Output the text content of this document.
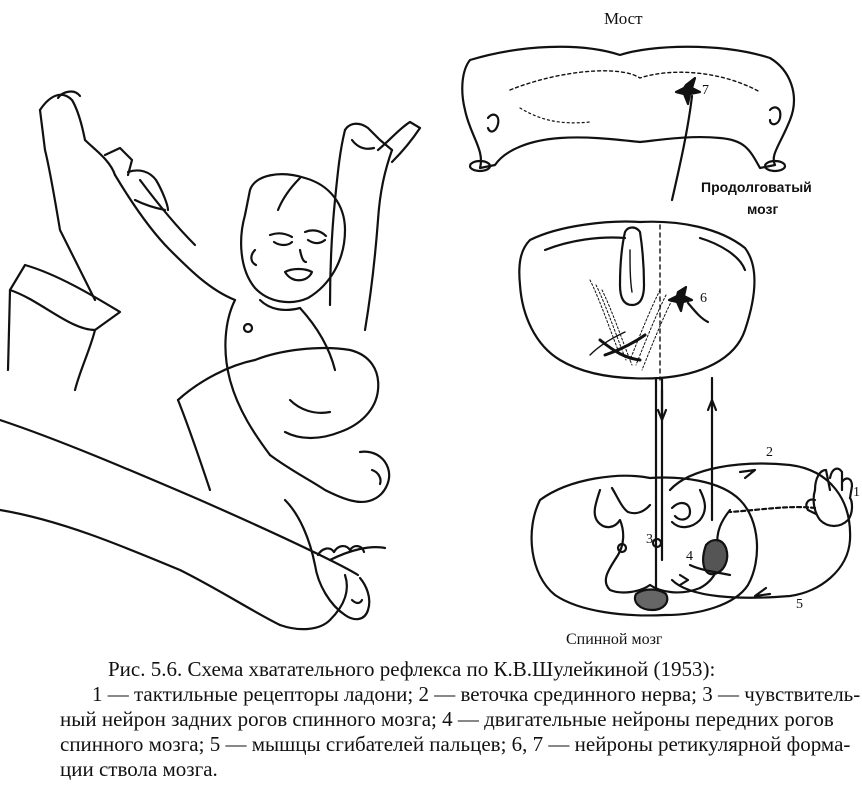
Мост
Продолговатый
мозг
Спинной мозг
1
2
3
4
5
6
7
Рис. 5.6. Схема хватательного рефлекса по К.В.Шулейкиной (1953):
1 — тактильные рецепторы ладони; 2 — веточка срединного нерва; 3 — чувствитель-
ный нейрон задних рогов спинного мозга; 4 — двигательные нейроны передних рогов
спинного мозга; 5 — мышцы сгибателей пальцев; 6, 7 — нейроны ретикулярной форма-
ции ствола мозга.
